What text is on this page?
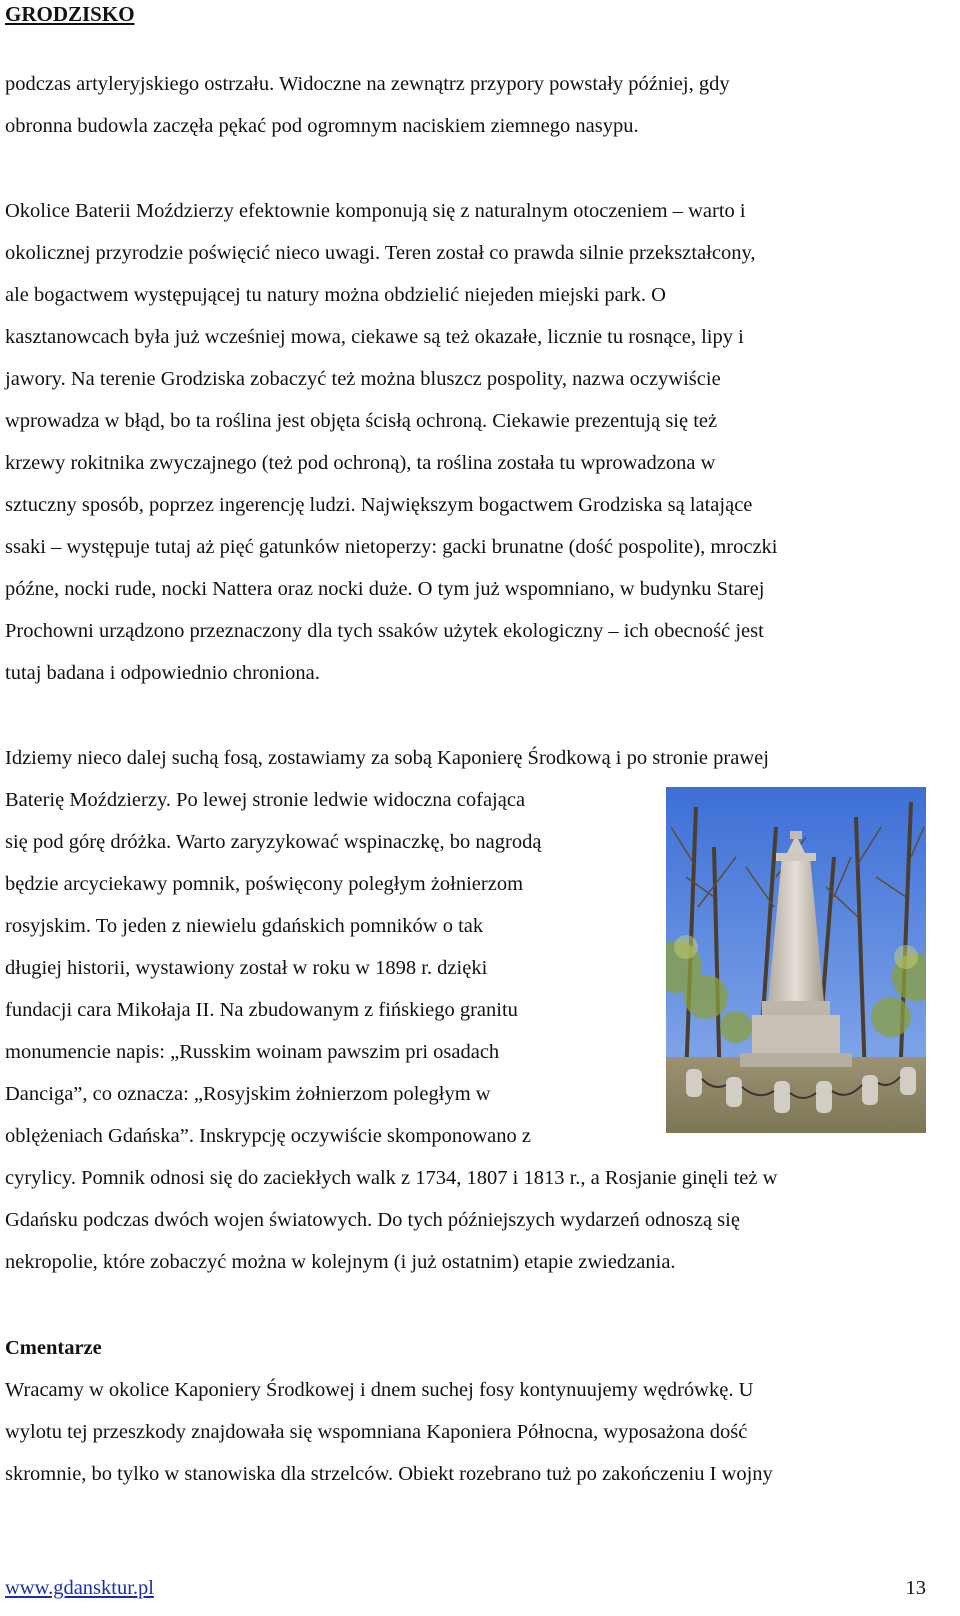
GRODZISKO
podczas artyleryjskiego ostrzału. Widoczne na zewnątrz przypory powstały później, gdy
obronna budowla zaczęła pękać pod ogromnym naciskiem ziemnego nasypu.
Okolice Baterii Moździerzy efektownie komponują się z naturalnym otoczeniem – warto i
okolicznej przyrodzie poświęcić nieco uwagi. Teren został co prawda silnie przekształcony,
ale bogactwem występującej tu natury można obdzielić niejeden miejski park. O
kasztanowcach była już wcześniej mowa, ciekawe są też okazałe, licznie tu rosnące, lipy i
jawory. Na terenie Grodziska zobaczyć też można bluszcz pospolity, nazwa oczywiście
wprowadza w błąd, bo ta roślina jest objęta ścisłą ochroną. Ciekawie prezentują się też
krzewy rokitnika zwyczajnego (też pod ochroną), ta roślina została tu wprowadzona w
sztuczny sposób, poprzez ingerencję ludzi. Największym bogactwem Grodziska są latające
ssaki – występuje tutaj aż pięć gatunków nietoperzy: gacki brunatne (dość pospolite), mroczki
późne, nocki rude, nocki Nattera oraz nocki duże. O tym już wspomniano, w budynku Starej
Prochowni urządzono przeznaczony dla tych ssaków użytek ekologiczny – ich obecność jest
tutaj badana i odpowiednio chroniona.
Idziemy nieco dalej suchą fosą, zostawiamy za sobą Kaponierę Środkową i po stronie prawej
Baterię Moździerzy. Po lewej stronie ledwie widoczna cofająca
się pod górę dróżka. Warto zaryzykować wspinaczkę, bo nagrodą
będzie arcyciekawy pomnik, poświęcony poległym żołnierzom
rosyjskim. To jeden z niewielu gdańskich pomników o tak
długiej historii, wystawiony został w roku w 1898 r. dzięki
fundacji cara Mikołaja II. Na zbudowanym z fińskiego granitu
monumencie napis: „Russkim woinam pawszim pri osadach
Danciga”, co oznacza: „Rosyjskim żołnierzom poległym w
oblężeniach Gdańska”. Inskrypcję oczywiście skomponowano z
cyrylicy. Pomnik odnosi się do zaciekłych walk z 1734, 1807 i 1813 r., a Rosjanie ginęli też w
Gdańsku podczas dwóch wojen światowych. Do tych późniejszych wydarzeń odnoszą się
nekropolie, które zobaczyć można w kolejnym (i już ostatnim) etapie zwiedzania.
Cmentarze
Wracamy w okolice Kaponiery Środkowej i dnem suchej fosy kontynuujemy wędrówkę. U
wylotu tej przeszkody znajdowała się wspomniana Kaponiera Północna, wyposażona dość
skromnie, bo tylko w stanowiska dla strzelców. Obiekt rozebrano tuż po zakończeniu I wojny
www.gdansktur.pl	13
